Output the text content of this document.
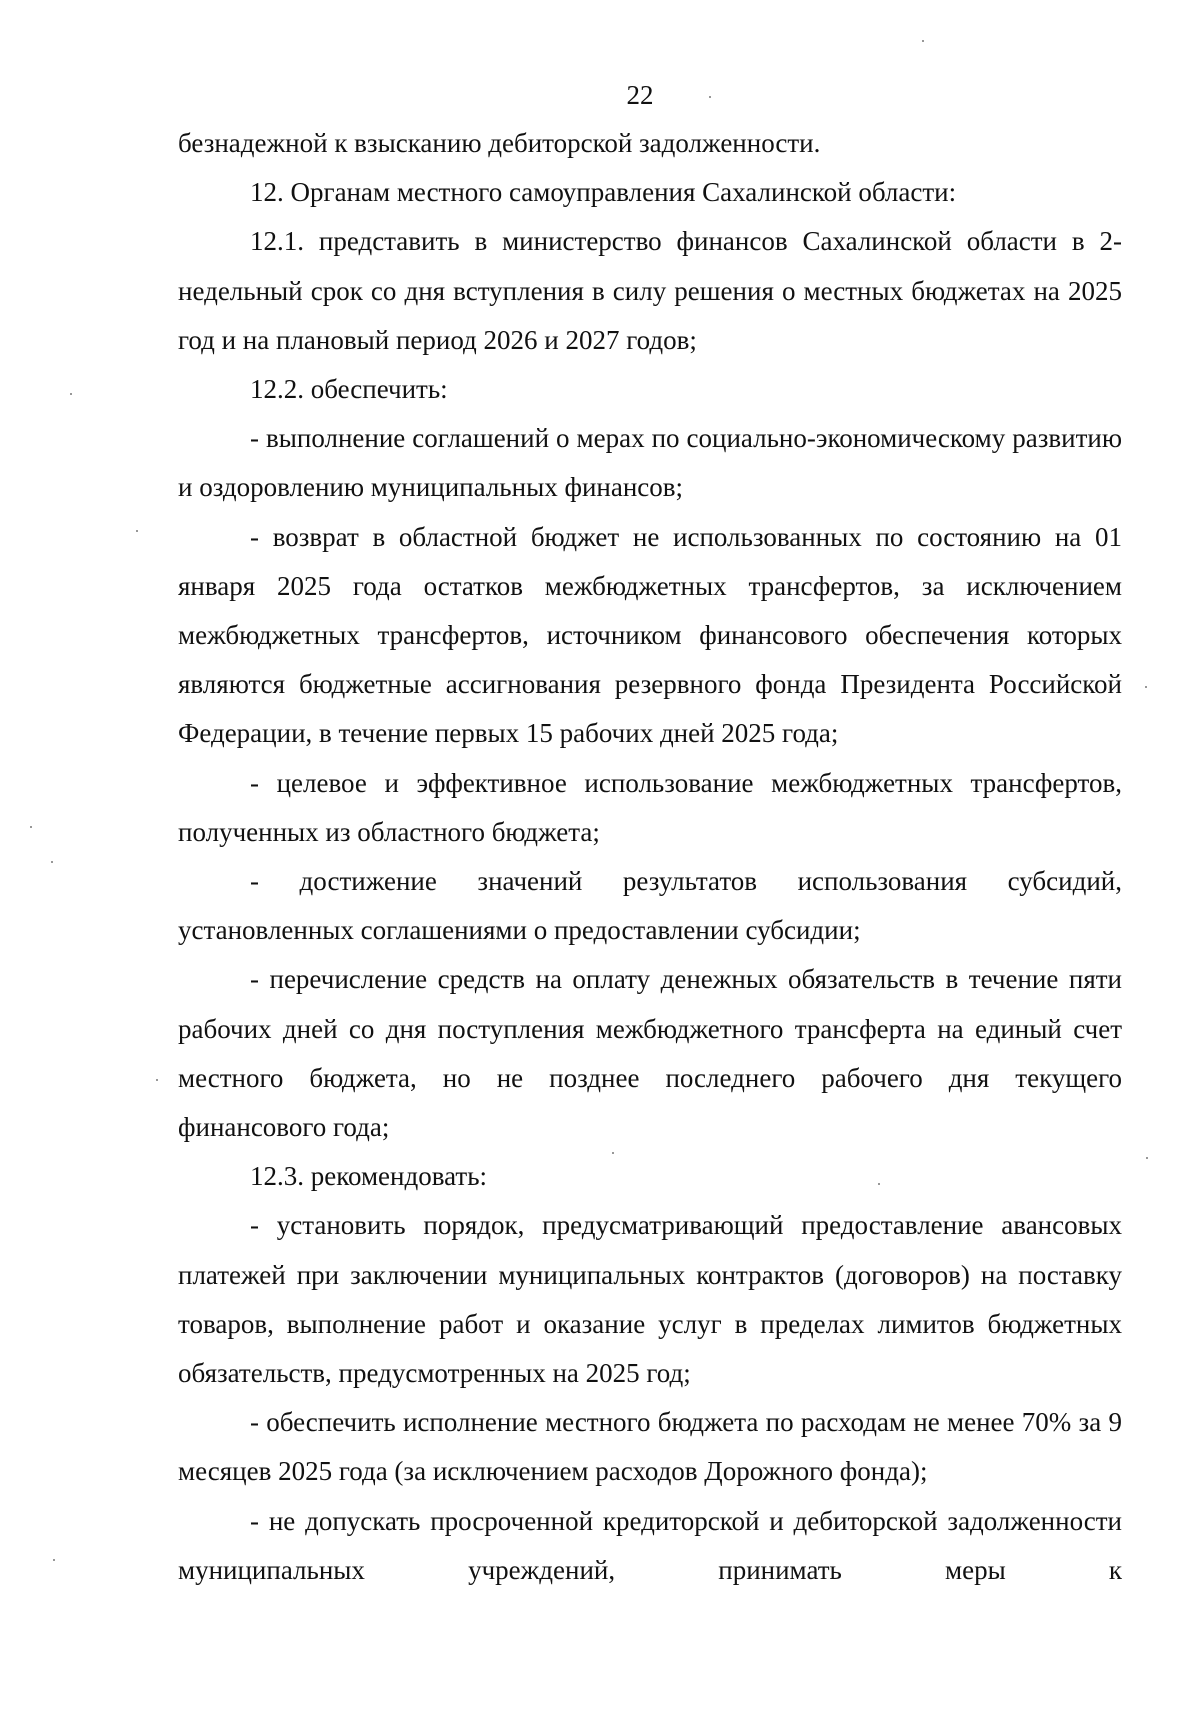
22

безнадежной к взысканию дебиторской задолженности.

12. Органам местного самоуправления Сахалинской области:

12.1. представить в министерство финансов Сахалинской области в 2-недельный срок со дня вступления в силу решения о местных бюджетах на 2025 год и на плановый период 2026 и 2027 годов;

12.2. обеспечить:

- выполнение соглашений о мерах по социально-экономическому развитию и оздоровлению муниципальных финансов;

- возврат в областной бюджет не использованных по состоянию на 01 января 2025 года остатков межбюджетных трансфертов, за исключением межбюджетных трансфертов, источником финансового обеспечения которых являются бюджетные ассигнования резервного фонда Президента Российской Федерации, в течение первых 15 рабочих дней 2025 года;

- целевое и эффективное использование межбюджетных трансфертов, полученных из областного бюджета;

- достижение значений результатов использования субсидий, установленных соглашениями о предоставлении субсидии;

- перечисление средств на оплату денежных обязательств в течение пяти рабочих дней со дня поступления межбюджетного трансферта на единый счет местного бюджета, но не позднее последнего рабочего дня текущего финансового года;

12.3. рекомендовать:

- установить порядок, предусматривающий предоставление авансовых платежей при заключении муниципальных контрактов (договоров) на поставку товаров, выполнение работ и оказание услуг в пределах лимитов бюджетных обязательств, предусмотренных на 2025 год;

- обеспечить исполнение местного бюджета по расходам не менее 70% за 9 месяцев 2025 года (за исключением расходов Дорожного фонда);

- не допускать просроченной кредиторской и дебиторской задолженности муниципальных учреждений, принимать меры к
